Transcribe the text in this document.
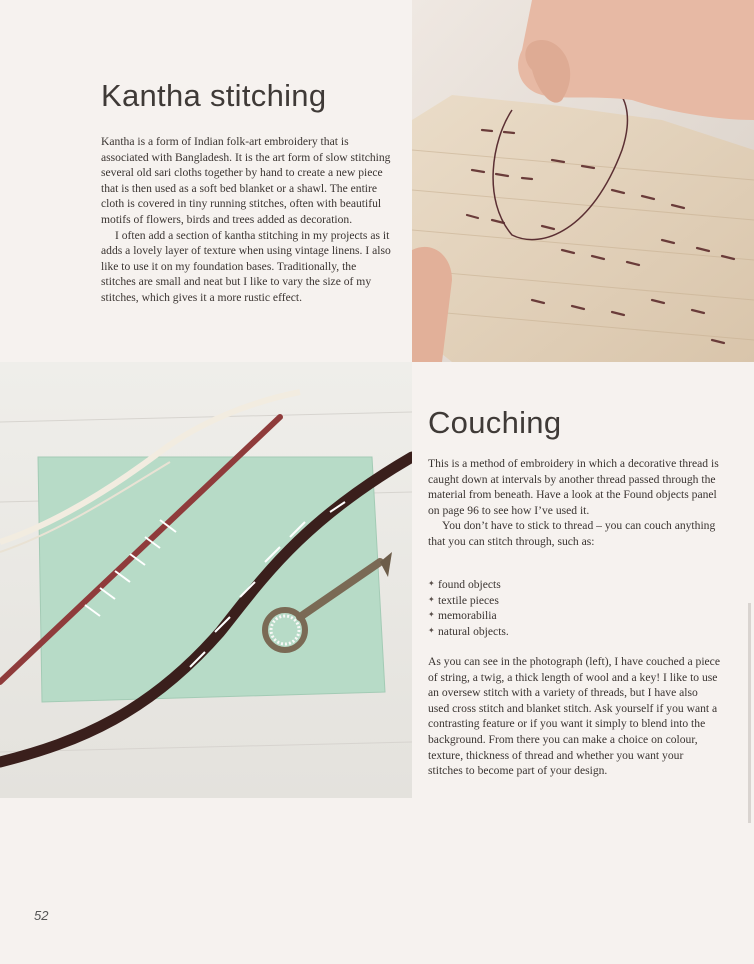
Kantha stitching

Kantha is a form of Indian folk-art embroidery that is associated with Bangladesh. It is the art form of slow stitching several old sari cloths together by hand to create a new piece that is then used as a soft bed blanket or a shawl. The entire cloth is covered in tiny running stitches, often with beautiful motifs of flowers, birds and trees added as decoration.

I often add a section of kantha stitching in my projects as it adds a lovely layer of texture when using vintage linens. I also like to use it on my foundation bases. Traditionally, the stitches are small and neat but I like to vary the size of my stitches, which gives it a more rustic effect.

Couching

This is a method of embroidery in which a decorative thread is caught down at intervals by another thread passed through the material from beneath. Have a look at the Found objects panel on page 96 to see how I’ve used it.

You don’t have to stick to thread – you can couch anything that you can stitch through, such as:

✦ found objects
✦ textile pieces
✦ memorabilia
✦ natural objects.

As you can see in the photograph (left), I have couched a piece of string, a twig, a thick length of wool and a key! I like to use an oversew stitch with a variety of threads, but I have also used cross stitch and blanket stitch. Ask yourself if you want a contrasting feature or if you want it simply to blend into the background. From there you can make a choice on colour, texture, thickness of thread and whether you want your stitches to become part of your design.

52
